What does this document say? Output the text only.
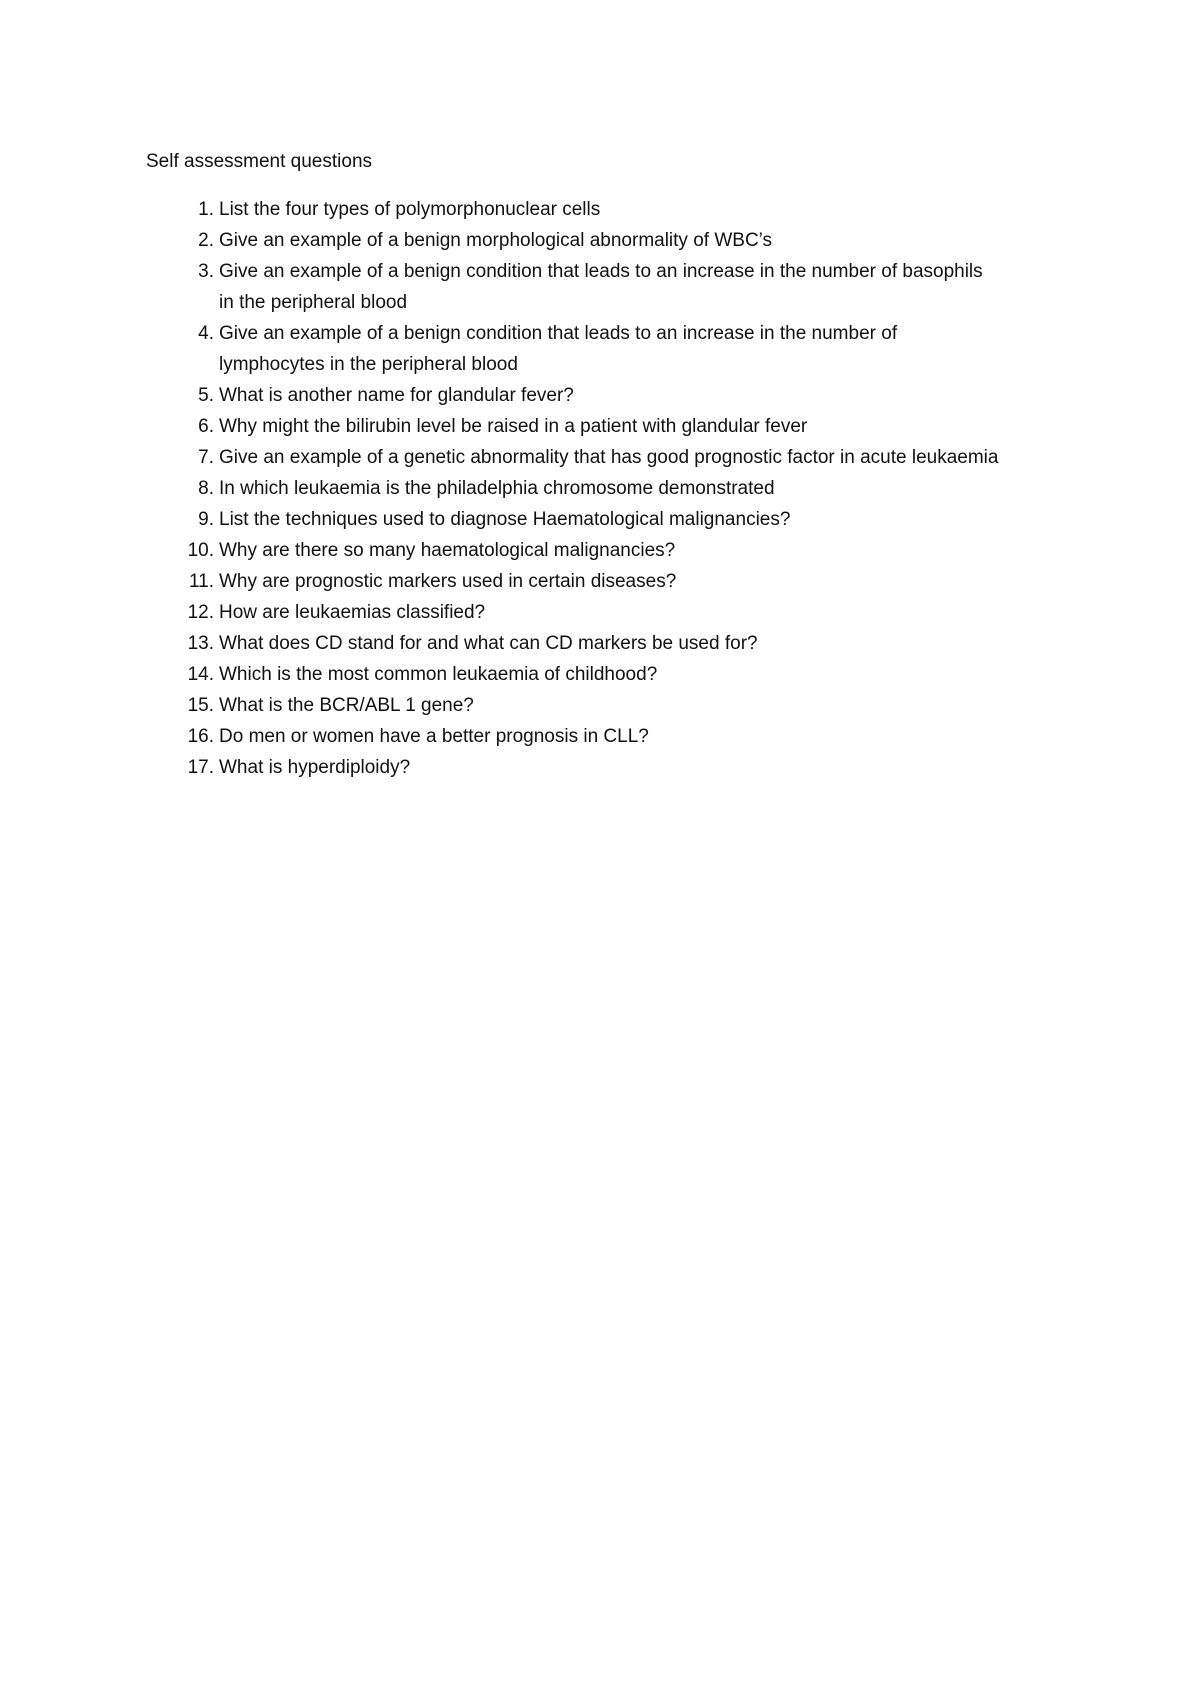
Self assessment questions
1. List the four types of polymorphonuclear cells
2. Give an example of a benign morphological abnormality of WBC’s
3. Give an example of a benign condition that leads to an increase in the number of basophils
in the peripheral blood
4. Give an example of a benign condition that leads to an increase in the number of
lymphocytes in the peripheral blood
5. What is another name for glandular fever?
6. Why might the bilirubin level be raised in a patient with glandular fever
7. Give an example of a genetic abnormality that has good prognostic factor in acute leukaemia
8. In which leukaemia is the philadelphia chromosome demonstrated
9. List the techniques used to diagnose Haematological malignancies?
10. Why are there so many haematological malignancies?
11. Why are prognostic markers used in certain diseases?
12. How are leukaemias classified?
13. What does CD stand for and what can CD markers be used for?
14. Which is the most common leukaemia of childhood?
15. What is the BCR/ABL 1 gene?
16. Do men or women have a better prognosis in CLL?
17. What is hyperdiploidy?
